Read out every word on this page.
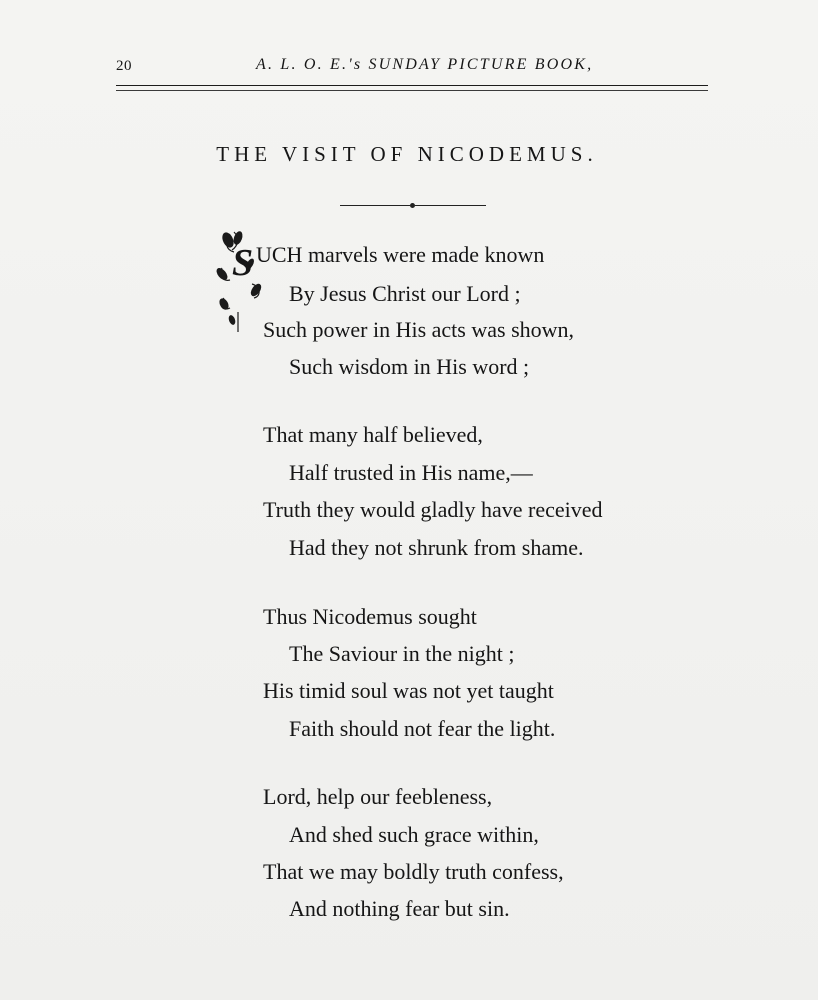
20	A. L. O. E.'s SUNDAY PICTURE BOOK,
THE VISIT OF NICODEMUS.
S UCH marvels were made known
By Jesus Christ our Lord ;
Such power in His acts was shown,
Such wisdom in His word ;
That many half believed,
Half trusted in His name,—
Truth they would gladly have received
Had they not shrunk from shame.
Thus Nicodemus sought
The Saviour in the night ;
His timid soul was not yet taught
Faith should not fear the light.
Lord, help our feebleness,
And shed such grace within,
That we may boldly truth confess,
And nothing fear but sin.
